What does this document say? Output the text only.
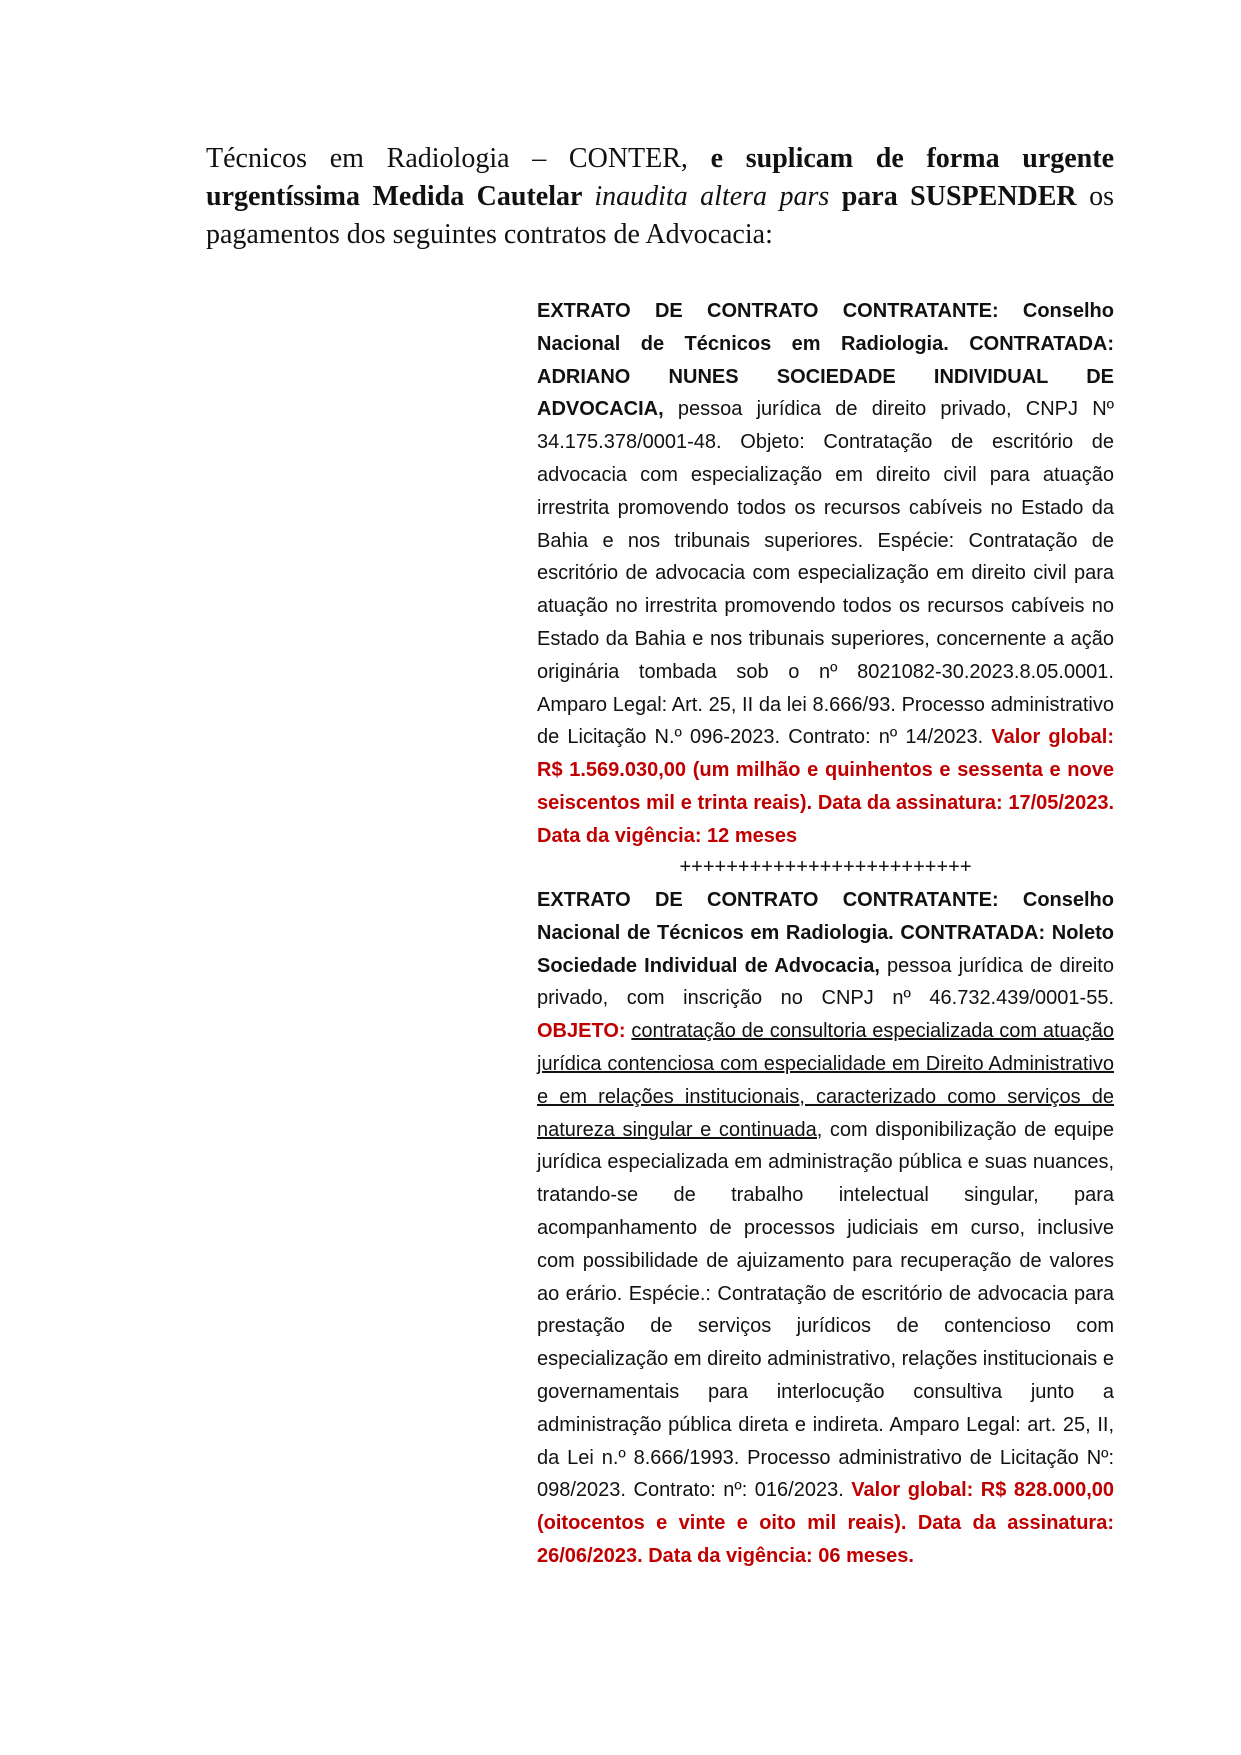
Técnicos em Radiologia – CONTER, e suplicam de forma urgente urgentíssima Medida Cautelar inaudita altera pars para SUSPENDER os pagamentos dos seguintes contratos de Advocacia:

EXTRATO DE CONTRATO CONTRATANTE: Conselho Nacional de Técnicos em Radiologia. CONTRATADA: ADRIANO NUNES SOCIEDADE INDIVIDUAL DE ADVOCACIA, pessoa jurídica de direito privado, CNPJ Nº 34.175.378/0001-48. Objeto: Contratação de escritório de advocacia com especialização em direito civil para atuação irrestrita promovendo todos os recursos cabíveis no Estado da Bahia e nos tribunais superiores. Espécie: Contratação de escritório de advocacia com especialização em direito civil para atuação no irrestrita promovendo todos os recursos cabíveis no Estado da Bahia e nos tribunais superiores, concernente a ação originária tombada sob o nº 8021082-30.2023.8.05.0001. Amparo Legal: Art. 25, II da lei 8.666/93. Processo administrativo de Licitação N.º 096-2023. Contrato: nº 14/2023. Valor global: R$ 1.569.030,00 (um milhão e quinhentos e sessenta e nove seiscentos mil e trinta reais). Data da assinatura: 17/05/2023. Data da vigência: 12 meses

+++++++++++++++++++++++++

EXTRATO DE CONTRATO CONTRATANTE: Conselho Nacional de Técnicos em Radiologia. CONTRATADA: Noleto Sociedade Individual de Advocacia, pessoa jurídica de direito privado, com inscrição no CNPJ nº 46.732.439/0001-55. OBJETO: contratação de consultoria especializada com atuação jurídica contenciosa com especialidade em Direito Administrativo e em relações institucionais, caracterizado como serviços de natureza singular e continuada, com disponibilização de equipe jurídica especializada em administração pública e suas nuances, tratando-se de trabalho intelectual singular, para acompanhamento de processos judiciais em curso, inclusive com possibilidade de ajuizamento para recuperação de valores ao erário. Espécie.: Contratação de escritório de advocacia para prestação de serviços jurídicos de contencioso com especialização em direito administrativo, relações institucionais e governamentais para interlocução consultiva junto a administração pública direta e indireta. Amparo Legal: art. 25, II, da Lei n.º 8.666/1993. Processo administrativo de Licitação Nº: 098/2023. Contrato: nº: 016/2023. Valor global: R$ 828.000,00 (oitocentos e vinte e oito mil reais). Data da assinatura: 26/06/2023. Data da vigência: 06 meses.
